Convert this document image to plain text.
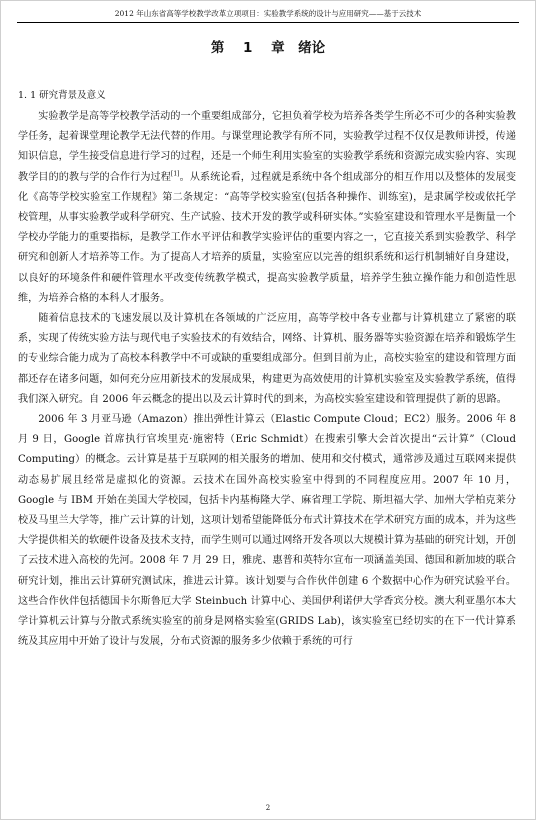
2012 年山东省高等学校教学改革立项项目：实验教学系统的设计与应用研究——基于云技术
第 1 章　绪论
1. 1 研究背景及意义

实验教学是高等学校教学活动的一个重要组成部分，它担负着学校为培养各类学生所必不可少的各种实验教学任务，起着课堂理论教学无法代替的作用。与课堂理论教学有所不同，实验教学过程不仅仅是教师讲授，传递知识信息，学生接受信息进行学习的过程，还是一个师生利用实验室的实验教学系统和资源完成实验内容、实现教学目的的教与学的合作行为过程[1]。从系统论看，过程就是系统中各个组成部分的相互作用以及整体的发展变化《高等学校实验室工作规程》第二条规定：“高等学校实验室(包括各种操作、训练室)，是隶属学校或依托学校管理，从事实验教学或科学研究、生产试验、技术开发的教学或科研实体。”实验室建设和管理水平是衡量一个学校办学能力的重要指标，是教学工作水平评估和教学实验评估的重要内容之一，它直接关系到实验教学、科学研究和创新人才培养等工作。为了提高人才培养的质量，实验室应以完善的组织系统和运行机制辅好自身建设，以良好的环境条件和硬件管理水平改变传统教学模式，提高实验教学质量，培养学生独立操作能力和创造性思维，为培养合格的本科人才服务。

随着信息技术的飞速发展以及计算机在各领域的广泛应用，高等学校中各专业都与计算机建立了紧密的联系，实现了传统实验方法与现代电子实验技术的有效结合，网络、计算机、服务器等实验资源在培养和锻炼学生的专业综合能力成为了高校本科教学中不可或缺的重要组成部分。但到目前为止，高校实验室的建设和管理方面都还存在诸多问题，如何充分应用新技术的发展成果，构建更为高效使用的计算机实验室及实验教学系统，值得我们深入研究。自 2006 年云概念的提出以及云计算时代的到来，为高校实验室建设和管理提供了新的思路。

2006 年 3 月亚马逊（Amazon）推出弹性计算云（Elastic Compute Cloud；EC2）服务。2006 年 8 月 9 日，Google 首席执行官埃里克·施密特（Eric Schmidt）在搜索引擎大会首次提出“云计算”（Cloud Computing）的概念。云计算是基于互联网的相关服务的增加、使用和交付模式，通常涉及通过互联网来提供动态易扩展且经常是虚拟化的资源。云技术在国外高校实验室中得到的不同程度应用。2007 年 10 月，Google 与 IBM 开始在美国大学校园，包括卡内基梅隆大学、麻省理工学院、斯坦福大学、加州大学柏克莱分校及马里兰大学等，推广云计算的计划，这项计划希望能降低分布式计算技术在学术研究方面的成本，并为这些大学提供相关的软硬件设备及技术支持，而学生则可以通过网络开发各项以大规模计算为基础的研究计划，开创了云技术进入高校的先河。2008 年 7 月 29 日，雅虎、惠普和英特尔宣布一项涵盖美国、德国和新加坡的联合研究计划，推出云计算研究测试床，推进云计算。该计划要与合作伙伴创建 6 个数据中心作为研究试验平台。这些合作伙伴包括德国卡尔斯鲁厄大学 Steinbuch 计算中心、美国伊利诺伊大学香宾分校。澳大利亚墨尔本大学计算机云计算与分散式系统实验室的前身是网格实验室(GRIDS Lab)，该实验室已经切实的在下一代计算系统及其应用中开始了设计与发展，分布式资源的服务多少依赖于系统的可行

2
